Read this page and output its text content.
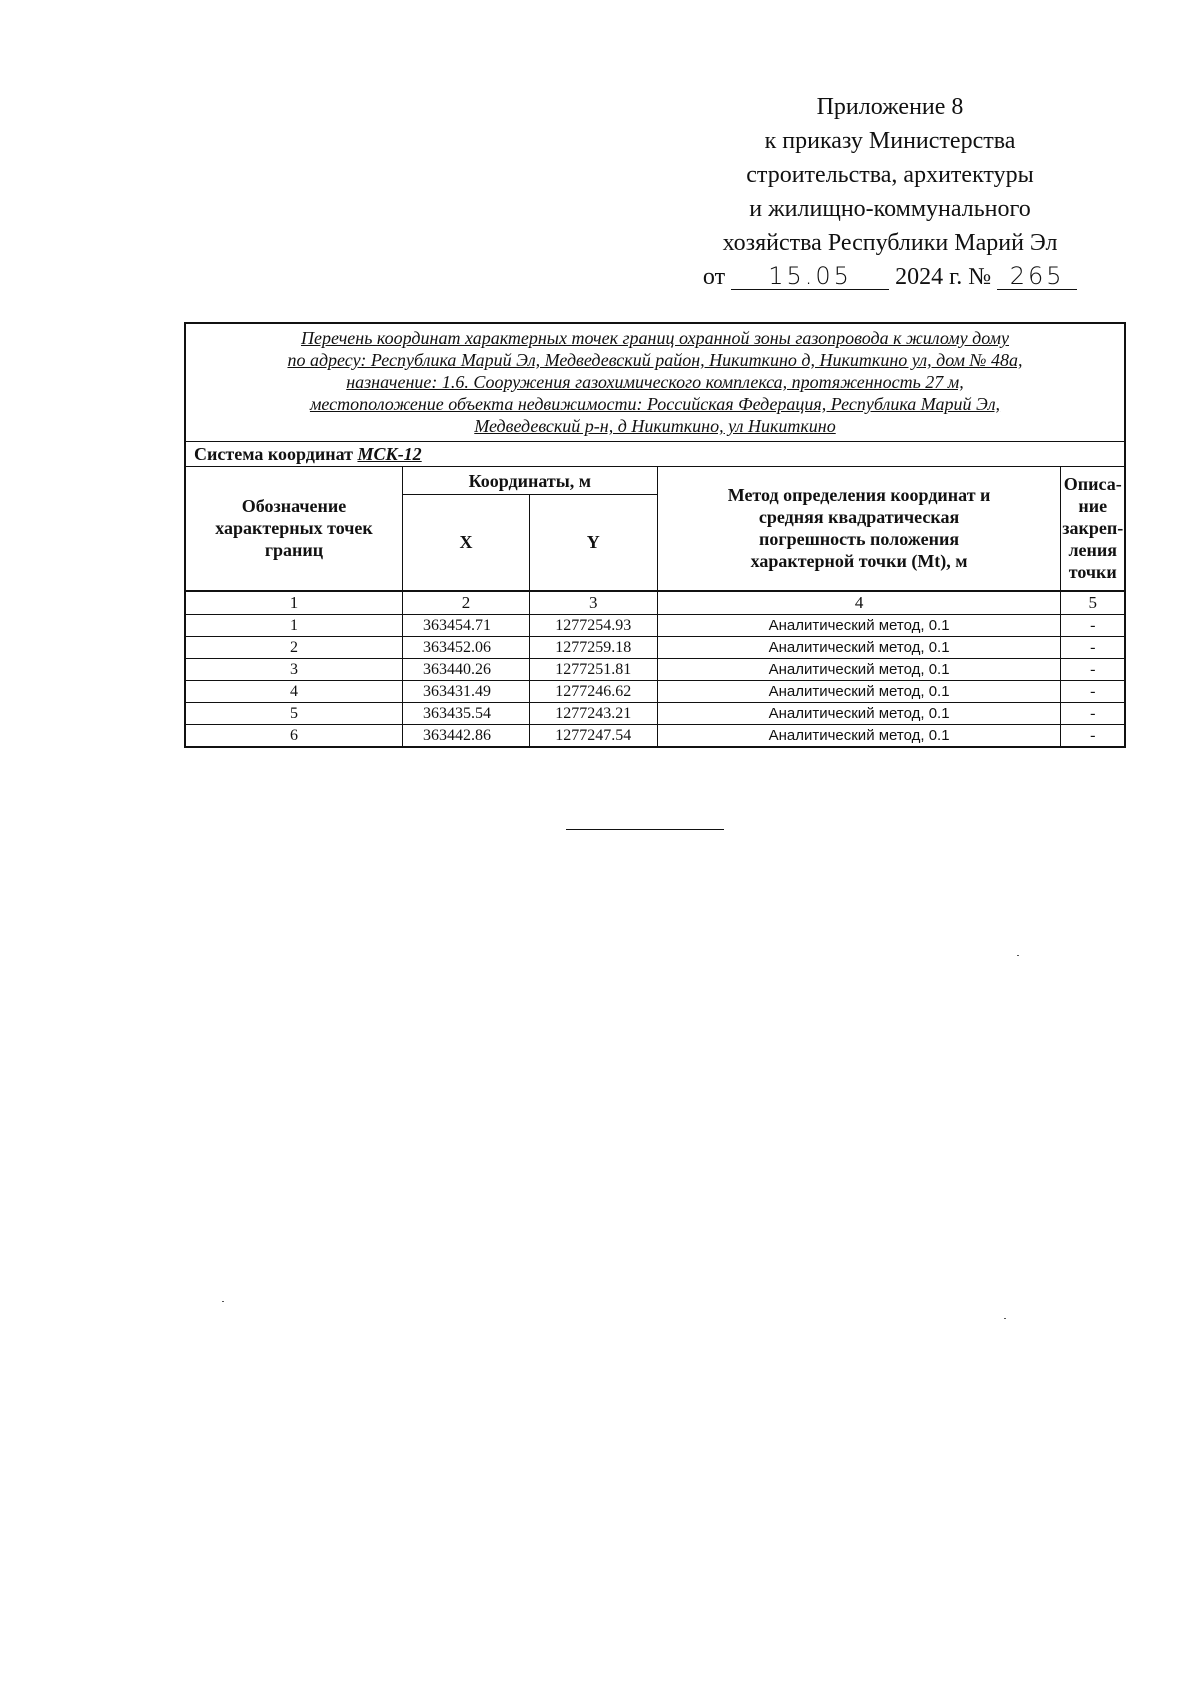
Приложение 8
к приказу Министерства
строительства, архитектуры
и жилищно-коммунального
хозяйства Республики Марий Эл
от 15.05 2024 г. № 265
Перечень координат характерных точек границ охранной зоны газопровода к жилому дому
по адресу: Республика Марий Эл, Медведевский район, Никиткино д, Никиткино ул, дом № 48а,
назначение: 1.6. Сооружения газохимического комплекса, протяженность 27 м,
местоположение объекта недвижимости: Российская Федерация, Республика Марий Эл,
Медведевский р-н, д Никиткино, ул Никиткино				

Система координат МСК-12				

Обозначение
характерных точек
границ	Координаты, м		Метод определения координат и
средняя квадратическая
погрешность положения
характерной точки (Mt), м	Описа-
ние
закреп-
ления
точки

	X	Y		
1	2	3	4	5
1	363454.71	1277254.93	Аналитический метод, 0.1	-
2	363452.06	1277259.18	Аналитический метод, 0.1	-
3	363440.26	1277251.81	Аналитический метод, 0.1	-
4	363431.49	1277246.62	Аналитический метод, 0.1	-
5	363435.54	1277243.21	Аналитический метод, 0.1	-
6	363442.86	1277247.54	Аналитический метод, 0.1	-
